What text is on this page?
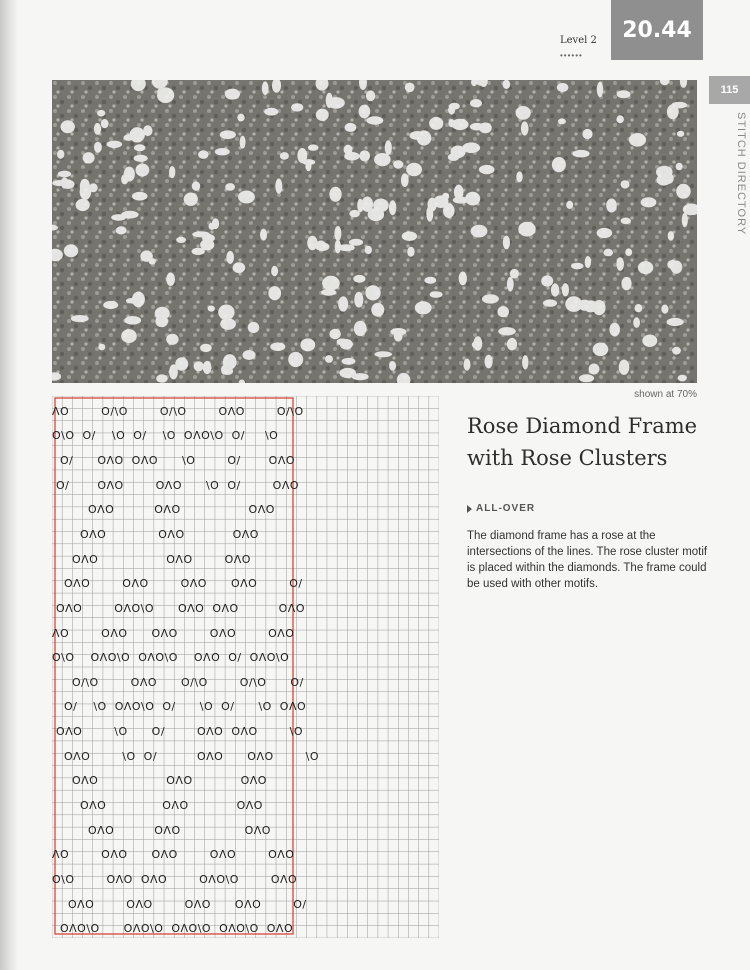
Level 2
••••••
20.44
115
STITCH DIRECTORY
shown at 70%
ΛO        O/\O        O/\O        OΛO        O/\O
O\O  O/    \O  O/    \O  OΛO\O  O/     \O
O/      OΛO  OΛO      \O        O/       OΛO
O/       OΛO        OΛO      \O  O/        OΛO
OΛO          OΛO                 OΛO
OΛO             OΛO            OΛO
OΛO                 OΛO        OΛO
OΛO        OΛO        OΛO      OΛO        O/
OΛO        OΛO\O      OΛO  OΛO          OΛO
ΛO        OΛO      OΛO        OΛO        OΛO
O\O    OΛO\O  OΛO\O    OΛO  O/  OΛO\O
O/\O        OΛO      O/\O        O/\O      O/
O/    \O  OΛO\O  O/      \O  O/      \O  OΛO
OΛO        \O      O/        OΛO  OΛO        \O
OΛO        \O  O/          OΛO      OΛO        \O
OΛO                 OΛO            OΛO
OΛO              OΛO            OΛO
OΛO          OΛO                OΛO
ΛO        OΛO      OΛO        OΛO        OΛO
O\O        OΛO  OΛO        OΛO\O        OΛO
OΛO        OΛO        OΛO      OΛO        O/
OΛO\O      OΛO\O  OΛO\O  OΛO\O  OΛO
Rose Diamond Frame with Rose Clusters
ALL-OVER
The diamond frame has a rose at the intersections of the lines. The rose cluster motif is placed within the diamonds. The frame could be used with other motifs.
